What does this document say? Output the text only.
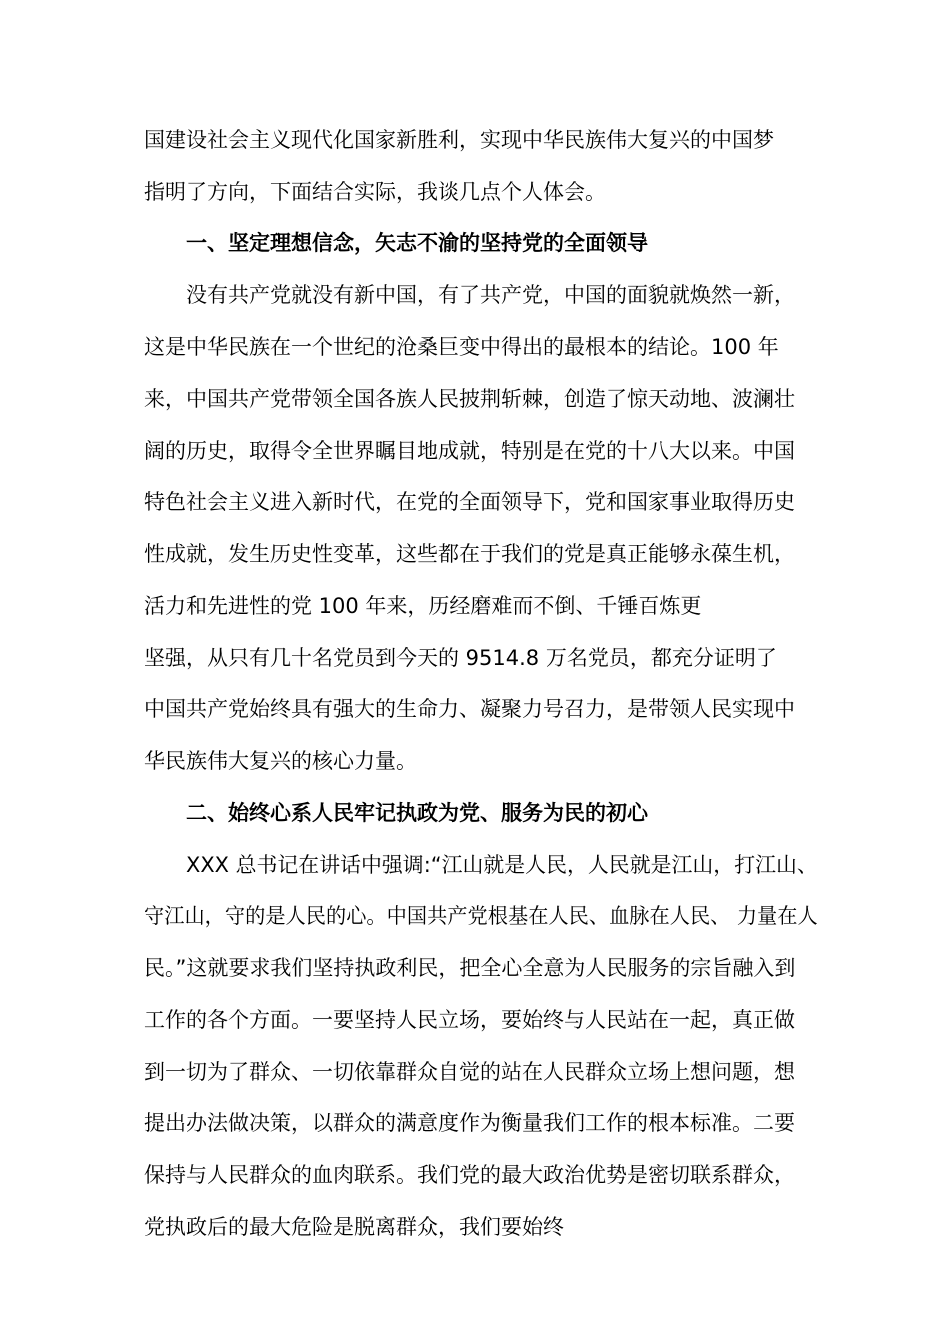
国建设社会主义现代化国家新胜利，实现中华民族伟大复兴的中国梦
指明了方向，下面结合实际，我谈几点个人体会。
一、坚定理想信念，矢志不渝的坚持党的全面领导
没有共产党就没有新中国，有了共产党，中国的面貌就焕然一新，
这是中华民族在一个世纪的沧桑巨变中得出的最根本的结论。100 年
来，中国共产党带领全国各族人民披荆斩棘，创造了惊天动地、波澜壮
阔的历史，取得令全世界瞩目地成就，特别是在党的十八大以来。中国
特色社会主义进入新时代，在党的全面领导下，党和国家事业取得历史
性成就，发生历史性变革，这些都在于我们的党是真正能够永葆生机，
活力和先进性的党 100 年来，历经磨难而不倒、千锤百炼更
坚强，从只有几十名党员到今天的 9514.8 万名党员，都充分证明了
中国共产党始终具有强大的生命力、凝聚力号召力，是带领人民实现中
华民族伟大复兴的核心力量。
二、始终心系人民牢记执政为党、服务为民的初心
XXX 总书记在讲话中强调:“江山就是人民，人民就是江山，打江山、
守江山，守的是人民的心。中国共产党根基在人民、血脉在人民、 力量在人
民。”这就要求我们坚持执政利民，把全心全意为人民服务的宗旨融入到
工作的各个方面。一要坚持人民立场，要始终与人民站在一起，真正做
到一切为了群众、一切依靠群众自觉的站在人民群众立场上想问题，想
提出办法做决策，以群众的满意度作为衡量我们工作的根本标准。二要
保持与人民群众的血肉联系。我们党的最大政治优势是密切联系群众，
党执政后的最大危险是脱离群众，我们要始终
